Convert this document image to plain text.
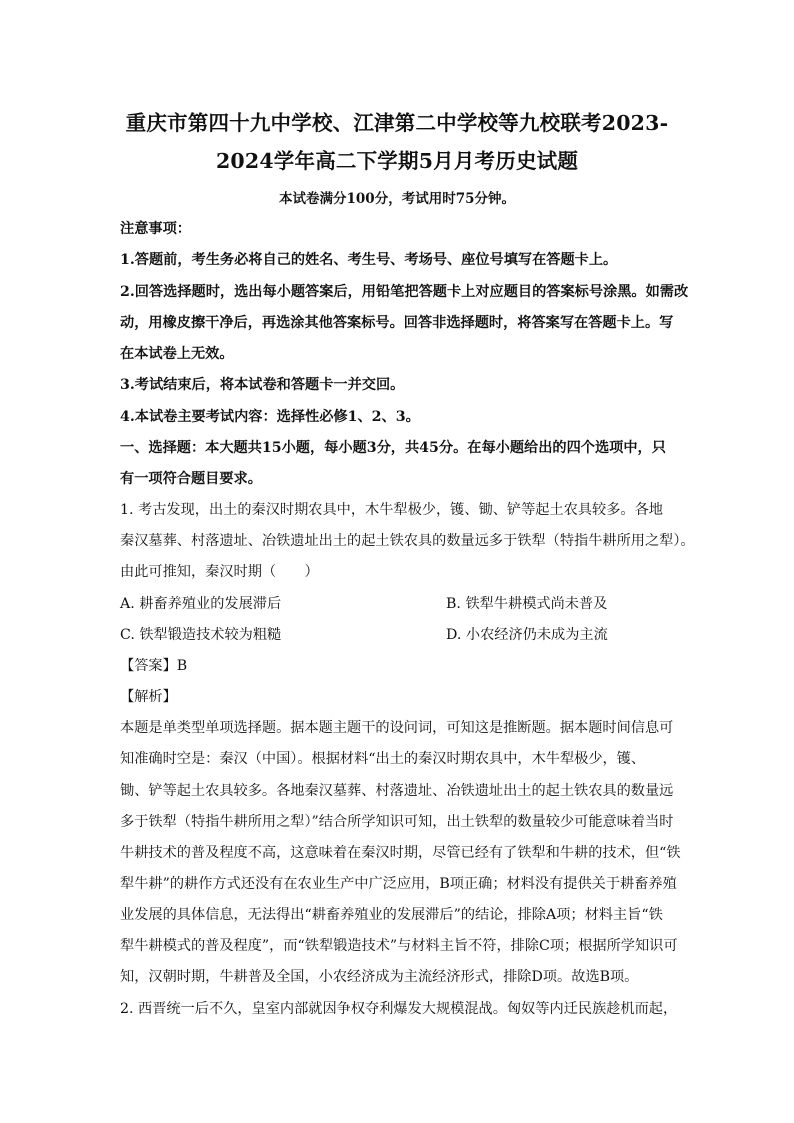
重庆市第四十九中学校、江津第二中学校等九校联考2023-
2024学年高二下学期5月月考历史试题
本试卷满分100分，考试用时75分钟。
注意事项：
1.答题前，考生务必将自己的姓名、考生号、考场号、座位号填写在答题卡上。
2.回答选择题时，选出每小题答案后，用铅笔把答题卡上对应题目的答案标号涂黑。如需改
动，用橡皮擦干净后，再选涂其他答案标号。回答非选择题时，将答案写在答题卡上。写
在本试卷上无效。
3.考试结束后，将本试卷和答题卡一并交回。
4.本试卷主要考试内容：选择性必修1、2、3。
一、选择题：本大题共15小题，每小题3分，共45分。在每小题给出的四个选项中，只
有一项符合题目要求。
1. 考古发现，出土的秦汉时期农具中，木牛犁极少，镬、锄、铲等起土农具较多。各地
秦汉墓葬、村落遗址、冶铁遗址出土的起土铁农具的数量远多于铁犁（特指牛耕所用之犁）。
由此可推知，秦汉时期（　　）
A. 耕畜养殖业的发展滞后	B. 铁犁牛耕模式尚未普及
C. 铁犁锻造技术较为粗糙	D. 小农经济仍未成为主流
【答案】B
【解析】
本题是单类型单项选择题。据本题主题干的设问词，可知这是推断题。据本题时间信息可
知准确时空是：秦汉（中国）。根据材料“出土的秦汉时期农具中，木牛犁极少，镬、
锄、铲等起土农具较多。各地秦汉墓葬、村落遗址、冶铁遗址出土的起土铁农具的数量远
多于铁犁（特指牛耕所用之犁）”结合所学知识可知，出土铁犁的数量较少可能意味着当时
牛耕技术的普及程度不高，这意味着在秦汉时期，尽管已经有了铁犁和牛耕的技术，但“铁
犁牛耕”的耕作方式还没有在农业生产中广泛应用，B项正确；材料没有提供关于耕畜养殖
业发展的具体信息，无法得出“耕畜养殖业的发展滞后”的结论，排除A项；材料主旨“铁
犁牛耕模式的普及程度”，而“铁犁锻造技术”与材料主旨不符，排除C项；根据所学知识可
知，汉朝时期，牛耕普及全国，小农经济成为主流经济形式，排除D项。故选B项。
2. 西晋统一后不久，皇室内部就因争权夺利爆发大规模混战。匈奴等内迁民族趁机而起，
